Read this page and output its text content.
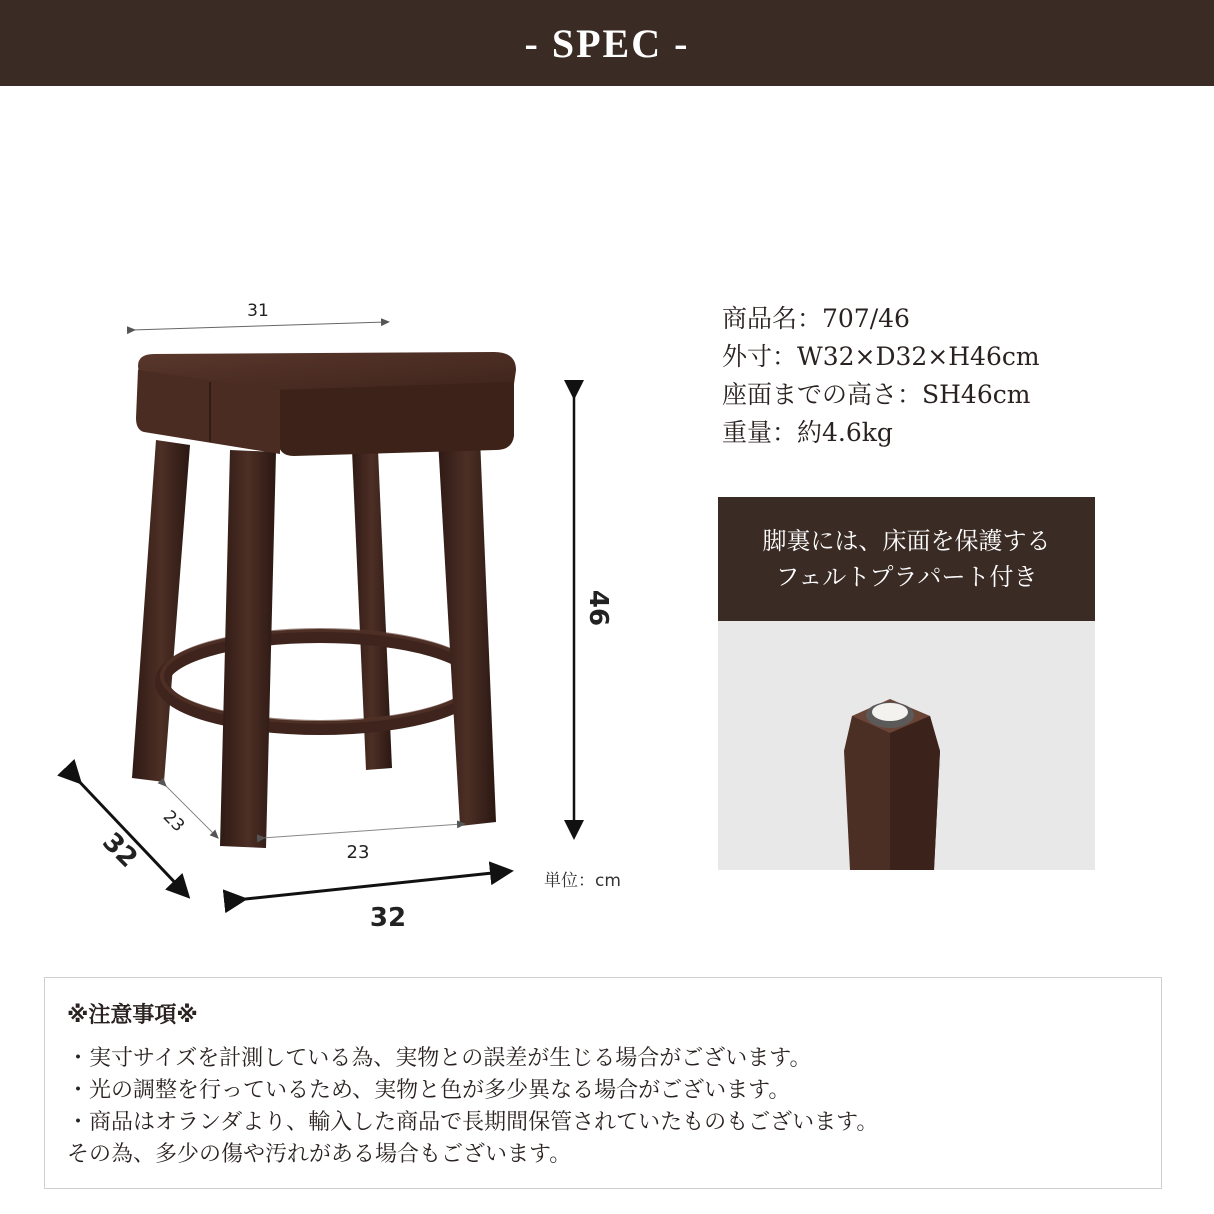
- SPEC -
31
46
23
23
32
32
単位：cm
商品名：707/46
外寸：W32×D32×H46cm
座面までの高さ：SH46cm
重量：約4.6kg
脚裏には、床面を保護する
フェルトプラパート付き
※注意事項※
・実寸サイズを計測している為、実物との誤差が生じる場合がございます。
・光の調整を行っているため、実物と色が多少異なる場合がございます。
・商品はオランダより、輸入した商品で長期間保管されていたものもございます。
その為、多少の傷や汚れがある場合もございます。
